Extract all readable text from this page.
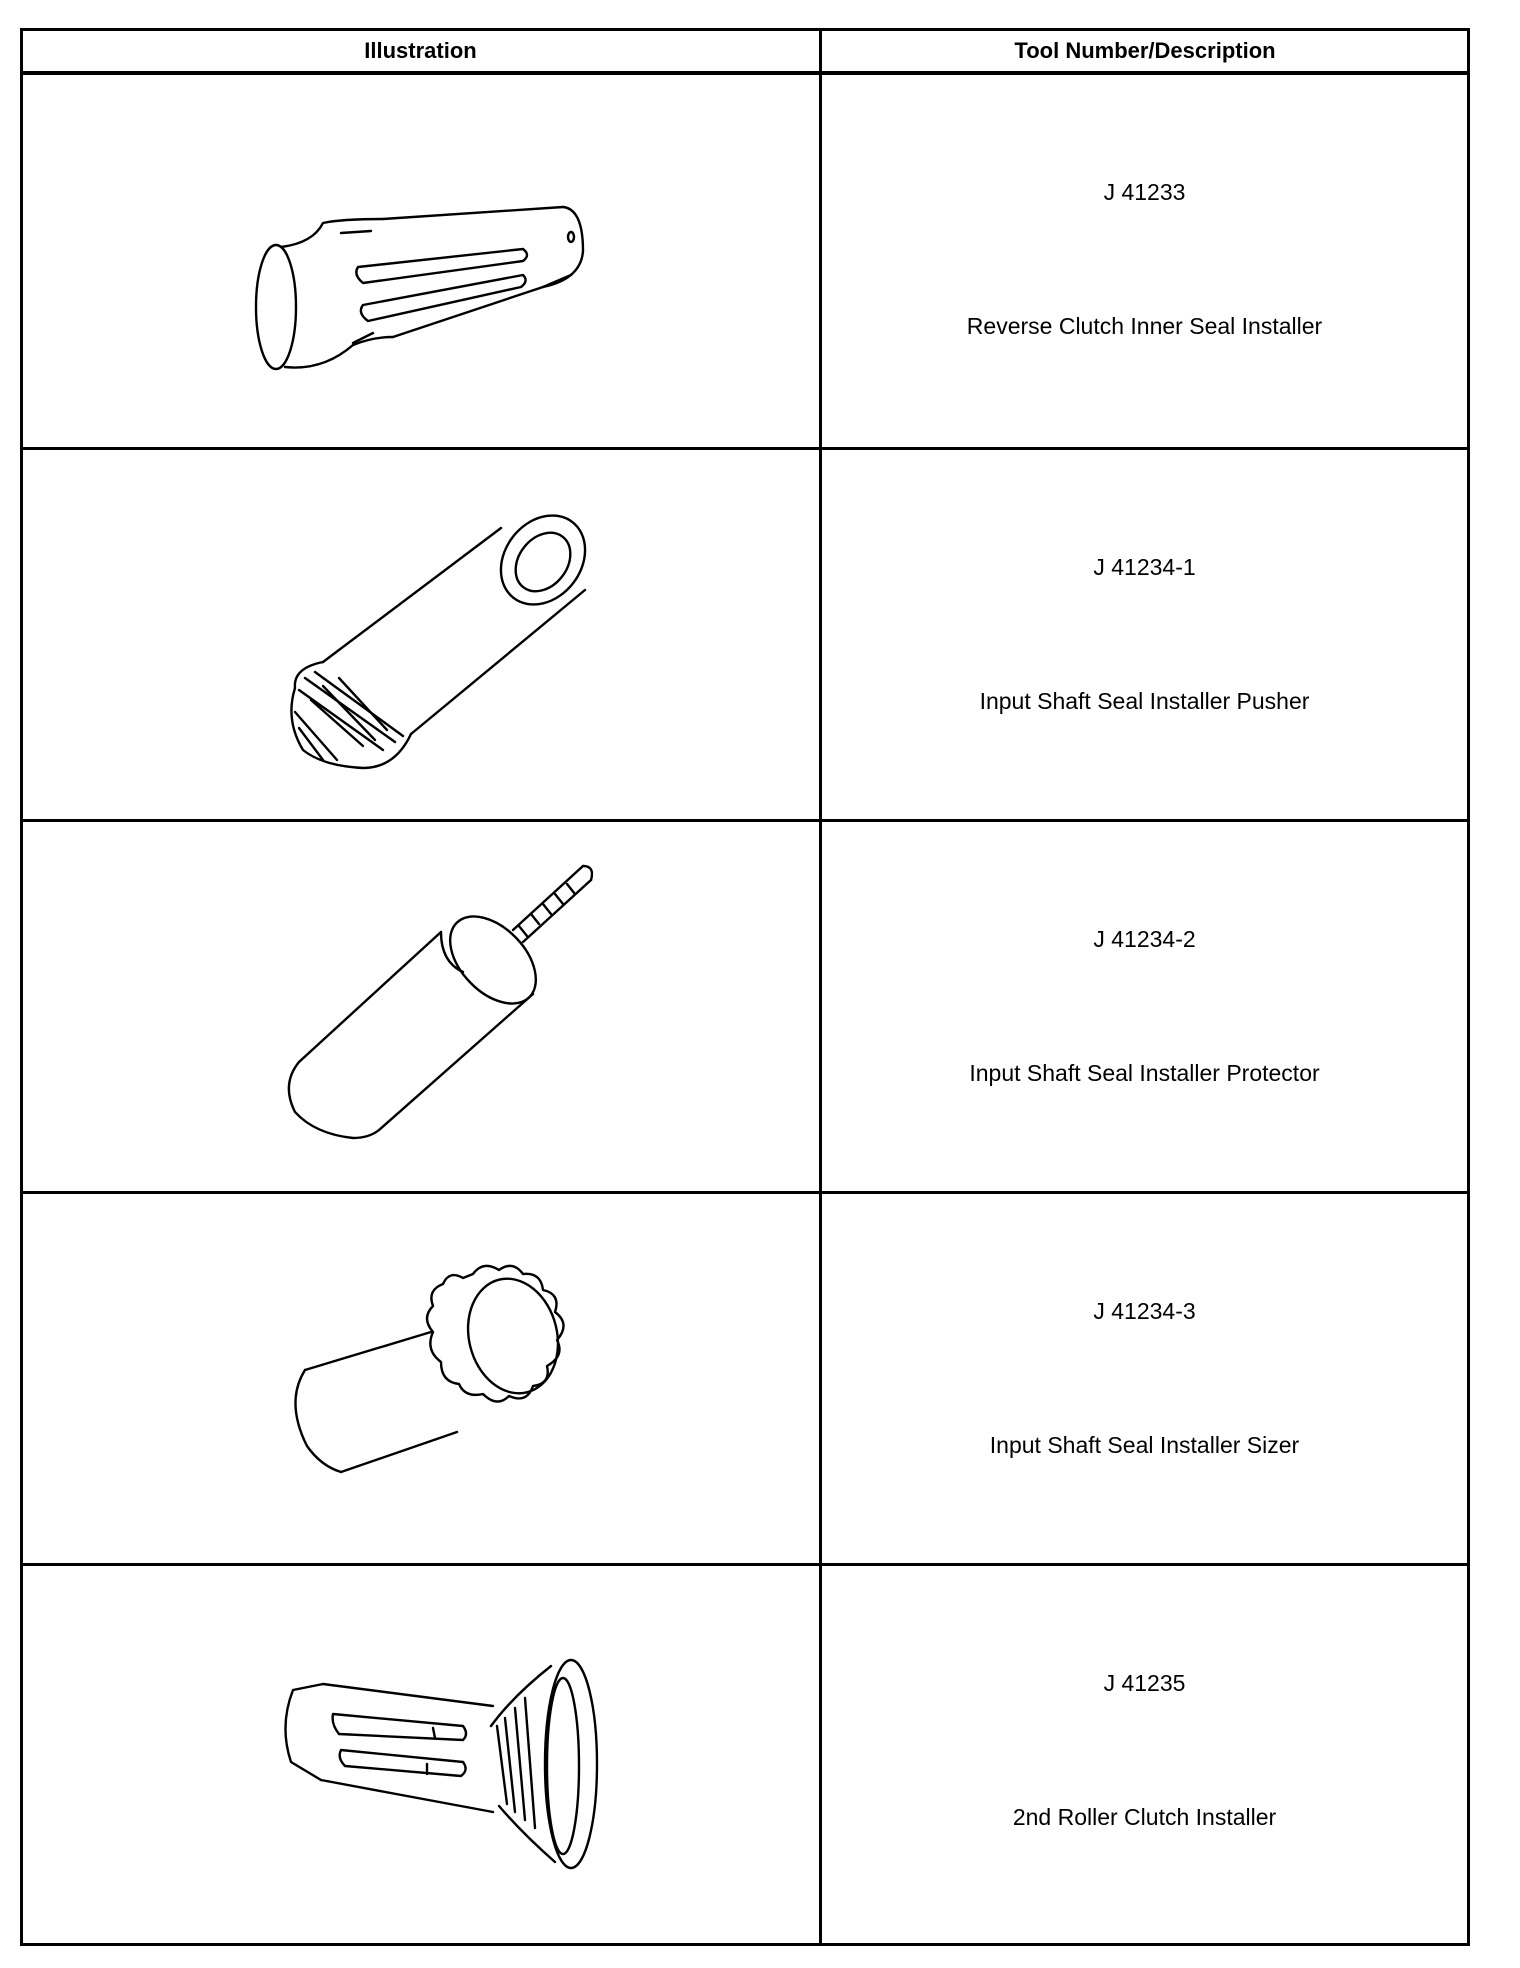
Illustration	Tool Number/Description
J 41233
Reverse Clutch Inner Seal Installer
J 41234-1
Input Shaft Seal Installer Pusher
J 41234-2
Input Shaft Seal Installer Protector
J 41234-3
Input Shaft Seal Installer Sizer
J 41235
2nd Roller Clutch Installer
